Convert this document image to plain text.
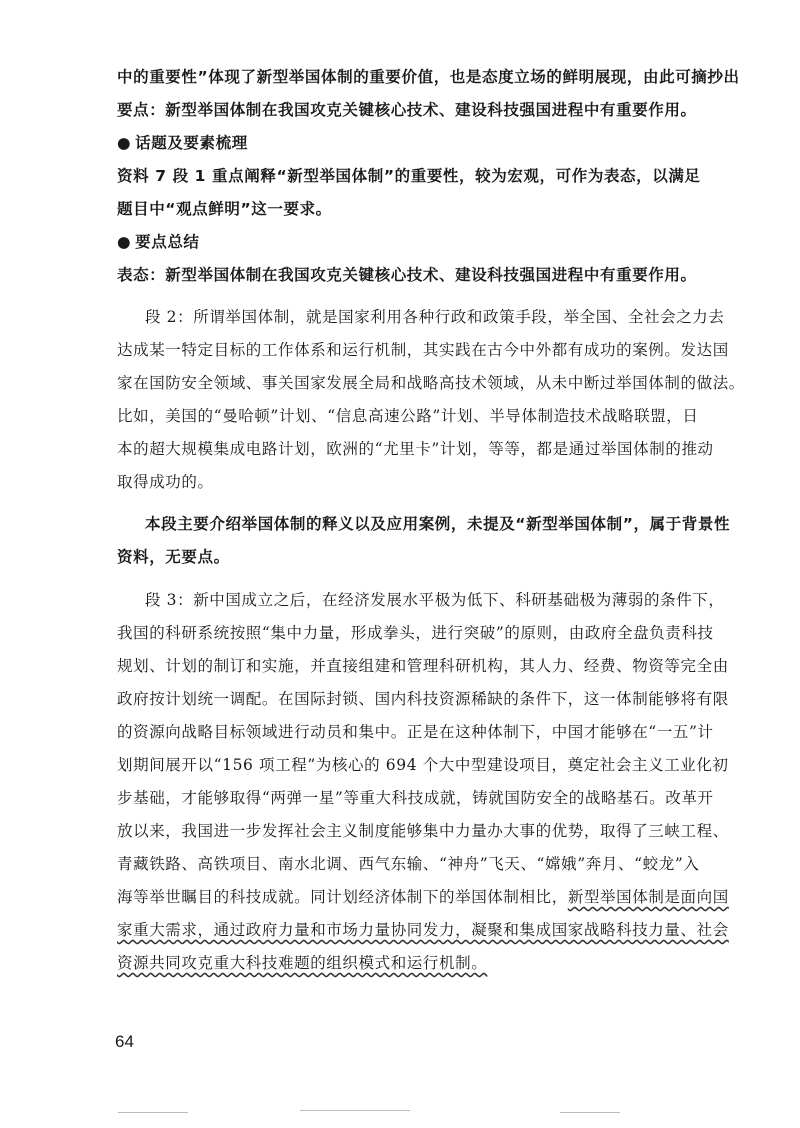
中的重要性”体现了新型举国体制的重要价值，也是态度立场的鲜明展现，由此可摘抄出
要点：新型举国体制在我国攻克关键核心技术、建设科技强国进程中有重要作用。
● 话题及要素梳理
资料 7 段 1 重点阐释“新型举国体制”的重要性，较为宏观，可作为表态，以满足
题目中“观点鲜明”这一要求。
● 要点总结
表态：新型举国体制在我国攻克关键核心技术、建设科技强国进程中有重要作用。
段 2：所谓举国体制，就是国家利用各种行政和政策手段，举全国、全社会之力去
达成某一特定目标的工作体系和运行机制，其实践在古今中外都有成功的案例。发达国
家在国防安全领域、事关国家发展全局和战略高技术领域，从未中断过举国体制的做法。
比如，美国的“曼哈顿”计划、“信息高速公路”计划、半导体制造技术战略联盟，日
本的超大规模集成电路计划，欧洲的“尤里卡”计划，等等，都是通过举国体制的推动
取得成功的。
本段主要介绍举国体制的释义以及应用案例，未提及“新型举国体制”，属于背景性
资料，无要点。
段 3：新中国成立之后，在经济发展水平极为低下、科研基础极为薄弱的条件下，
我国的科研系统按照“集中力量，形成拳头，进行突破”的原则，由政府全盘负责科技
规划、计划的制订和实施，并直接组建和管理科研机构，其人力、经费、物资等完全由
政府按计划统一调配。在国际封锁、国内科技资源稀缺的条件下，这一体制能够将有限
的资源向战略目标领域进行动员和集中。正是在这种体制下，中国才能够在“一五”计
划期间展开以“156 项工程”为核心的 694 个大中型建设项目，奠定社会主义工业化初
步基础，才能够取得“两弹一星”等重大科技成就，铸就国防安全的战略基石。改革开
放以来，我国进一步发挥社会主义制度能够集中力量办大事的优势，取得了三峡工程、
青藏铁路、高铁项目、南水北调、西气东输、“神舟”飞天、“嫦娥”奔月、“蛟龙”入
海等举世瞩目的科技成就。同计划经济体制下的举国体制相比，新型举国体制是面向国
家重大需求，通过政府力量和市场力量协同发力，凝聚和集成国家战略科技力量、社会
资源共同攻克重大科技难题的组织模式和运行机制。
64
